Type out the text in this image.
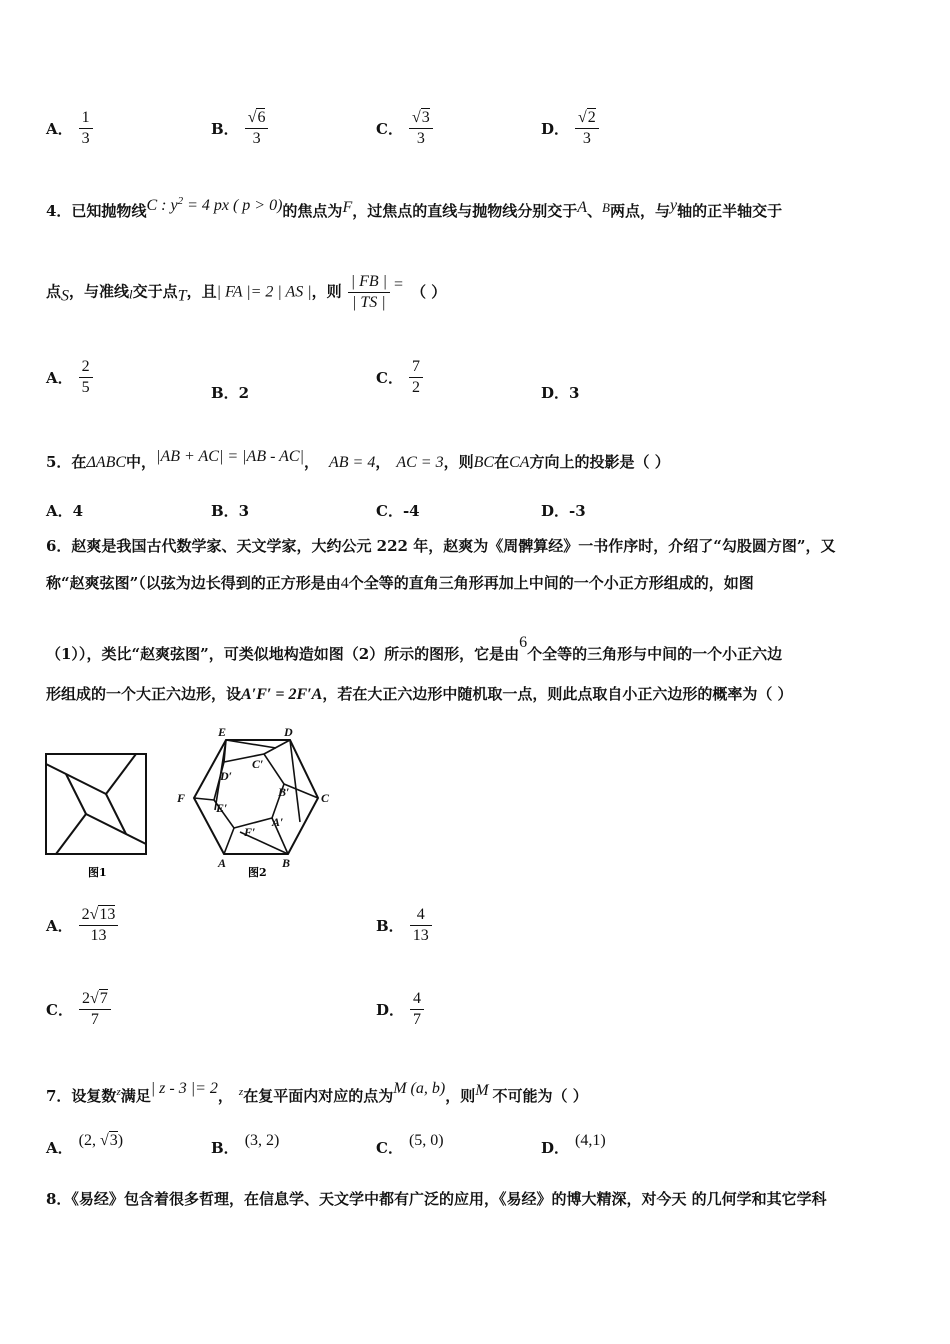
A． $\frac{1}{3}$	B． $\frac{√6}{3}$	C． $\frac{√3}{3}$	D． $\frac{√2}{3}$
4．已知抛物线C : $y^2 = 4$ px ( p > 0)的焦点为F，过焦点的直线与抛物线分别交于A、B两点，与y轴的正半轴交于
点S，与准线l交于点T，且| FA |= 2 | AS |，则 $\frac{| FB |}{| TS |}$ = （ ）
A． $\frac{2}{5}$	B．2
C． $\frac{7}{2}$	D．3
5．在ΔABC中，|AB + AC| = |AB - AC|， AB = 4， AC = 3，则BC在CA方向上的投影是（ ）
A．4	B．3	C．-4	D．-3
6．赵爽是我国古代数学家、天文学家，大约公元 222 年，赵爽为《周髀算经》一书作序时，介绍了“勾股圆方图”，又
称“赵爽弦图”（以弦为边长得到的正方形是由4个全等的直角三角形再加上中间的一个小正方形组成的，如图
（1）），类比“赵爽弦图”，可类似地构造如图（2）所示的图形，它是由6个全等的三角形与中间的一个小正六边
形组成的一个大正六边形，设A′F′ = 2F′A，若在大正六边形中随机取一点，则此点取自小正六边形的概率为（ ）
图1
E	D
C
B
A
F
D′
C′
B′
A′
F′
E′
图2
A． $\frac{2√13}{13}$	B． $\frac{4}{13}$
C． $\frac{2√7}{7}$	D． $\frac{4}{7}$
7．设复数$^z$满足| z - 3 |= 2， $^z$在复平面内对应的点为M (a, b)，则M 不可能为（ ）
A． (2, √3)	B． (3, 2)	C． (5, 0)	D． (4,1)
8．《易经》包含着很多哲理，在信息学、天文学中都有广泛的应用，《易经》的博大精深，对今天 的几何学和其它学科
